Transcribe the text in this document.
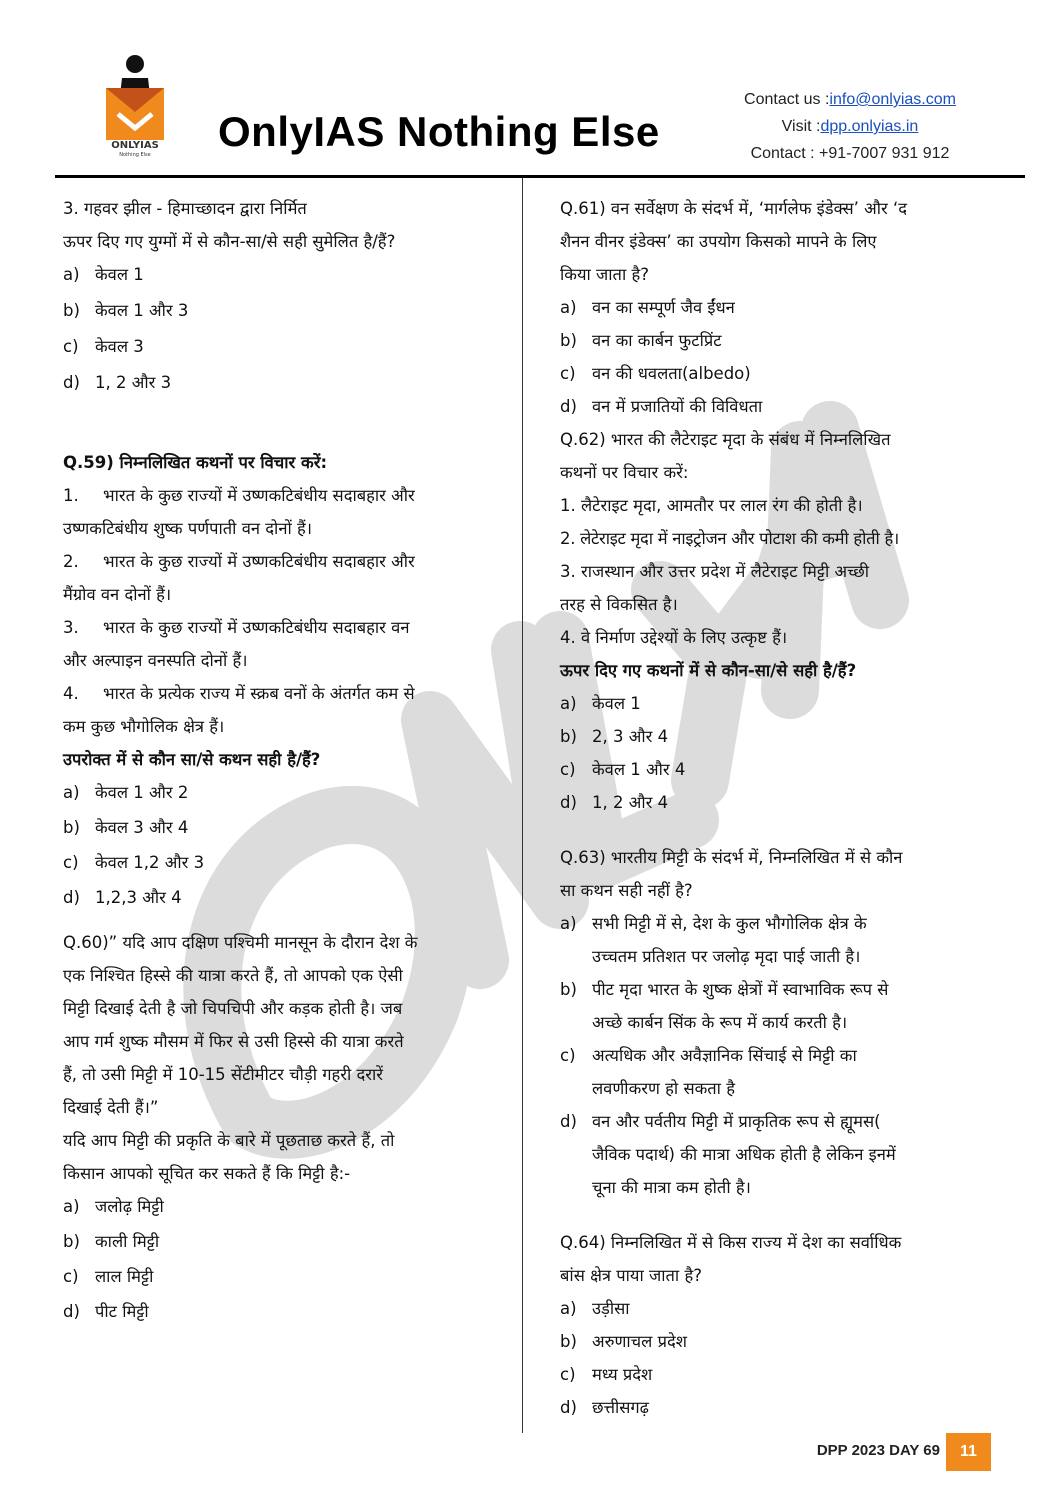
ONLYIAS
Nothing Else	OnlyIAS Nothing Else
Contact us :info@onlyias.com
Visit :dpp.onlyias.in
Contact : +91-7007 931 912
3. गहवर झील - हिमाच्छादन द्वारा निर्मित
ऊपर दिए गए युग्मों में से कौन-सा/से सही सुमेलित है/हैं?
a) केवल 1
b) केवल 1 और 3
c) केवल 3
d) 1, 2 और 3
Q.59) निम्नलिखित कथनों पर विचार करें:
1.	भारत के कुछ राज्यों में उष्णकटिबंधीय सदाबहार और
उष्णकटिबंधीय शुष्क पर्णपाती वन दोनों हैं।
2.	भारत के कुछ राज्यों में उष्णकटिबंधीय सदाबहार और
मैंग्रोव वन दोनों हैं।
3.	भारत के कुछ राज्यों में उष्णकटिबंधीय सदाबहार वन
और अल्पाइन वनस्पति दोनों हैं।
4.	भारत के प्रत्येक राज्य में स्क्रब वनों के अंतर्गत कम से
कम कुछ भौगोलिक क्षेत्र हैं।
उपरोक्त में से कौन सा/से कथन सही है/हैं?
a) केवल 1 और 2
b) केवल 3 और 4
c) केवल 1,2 और 3
d) 1,2,3 और 4
Q.60)” यदि आप दक्षिण पश्चिमी मानसून के दौरान देश के
एक निश्चित हिस्से की यात्रा करते हैं, तो आपको एक ऐसी
मिट्टी दिखाई देती है जो चिपचिपी और कड़क होती है। जब
आप गर्म शुष्क मौसम में फिर से उसी हिस्से की यात्रा करते
हैं, तो उसी मिट्टी में 10-15 सेंटीमीटर चौड़ी गहरी दरारें
दिखाई देती हैं।”
यदि आप मिट्टी की प्रकृति के बारे में पूछताछ करते हैं, तो
किसान आपको सूचित कर सकते हैं कि मिट्टी है:-
a) जलोढ़ मिट्टी
b) काली मिट्टी
c) लाल मिट्टी
d) पीट मिट्टी
Q.61) वन सर्वेक्षण के संदर्भ में, ‘मार्गलेफ इंडेक्स’ और ‘द
शैनन वीनर इंडेक्स’ का उपयोग किसको मापने के लिए
किया जाता है?
a) वन का सम्पूर्ण जैव ईंधन
b) वन का कार्बन फुटप्रिंट
c) वन की धवलता(albedo)
d) वन में प्रजातियों की विविधता
Q.62) भारत की लैटेराइट मृदा के संबंध में निम्नलिखित
कथनों पर विचार करें:
1. लैटेराइट मृदा, आमतौर पर लाल रंग की होती है।
2. लेटेराइट मृदा में नाइट्रोजन और पोटाश की कमी होती है।
3. राजस्थान और उत्तर प्रदेश में लैटेराइट मिट्टी अच्छी
तरह से विकसित है।
4. वे निर्माण उद्देश्यों के लिए उत्कृष्ट हैं।
ऊपर दिए गए कथनों में से कौन-सा/से सही है/हैं?
a) केवल 1
b) 2, 3 और 4
c) केवल 1 और 4
d) 1, 2 और 4
Q.63) भारतीय मिट्टी के संदर्भ में, निम्नलिखित में से कौन
सा कथन सही नहीं है?
a) सभी मिट्टी में से, देश के कुल भौगोलिक क्षेत्र के
उच्चतम प्रतिशत पर जलोढ़ मृदा पाई जाती है।
b) पीट मृदा भारत के शुष्क क्षेत्रों में स्वाभाविक रूप से
अच्छे कार्बन सिंक के रूप में कार्य करती है।
c) अत्यधिक और अवैज्ञानिक सिंचाई से मिट्टी का
लवणीकरण हो सकता है
d) वन और पर्वतीय मिट्टी में प्राकृतिक रूप से ह्यूमस(
जैविक पदार्थ) की मात्रा अधिक होती है लेकिन इनमें
चूना की मात्रा कम होती है।
Q.64) निम्नलिखित में से किस राज्य में देश का सर्वाधिक
बांस क्षेत्र पाया जाता है?
a) उड़ीसा
b) अरुणाचल प्रदेश
c) मध्य प्रदेश
d) छत्तीसगढ़
DPP 2023 DAY 69	11
